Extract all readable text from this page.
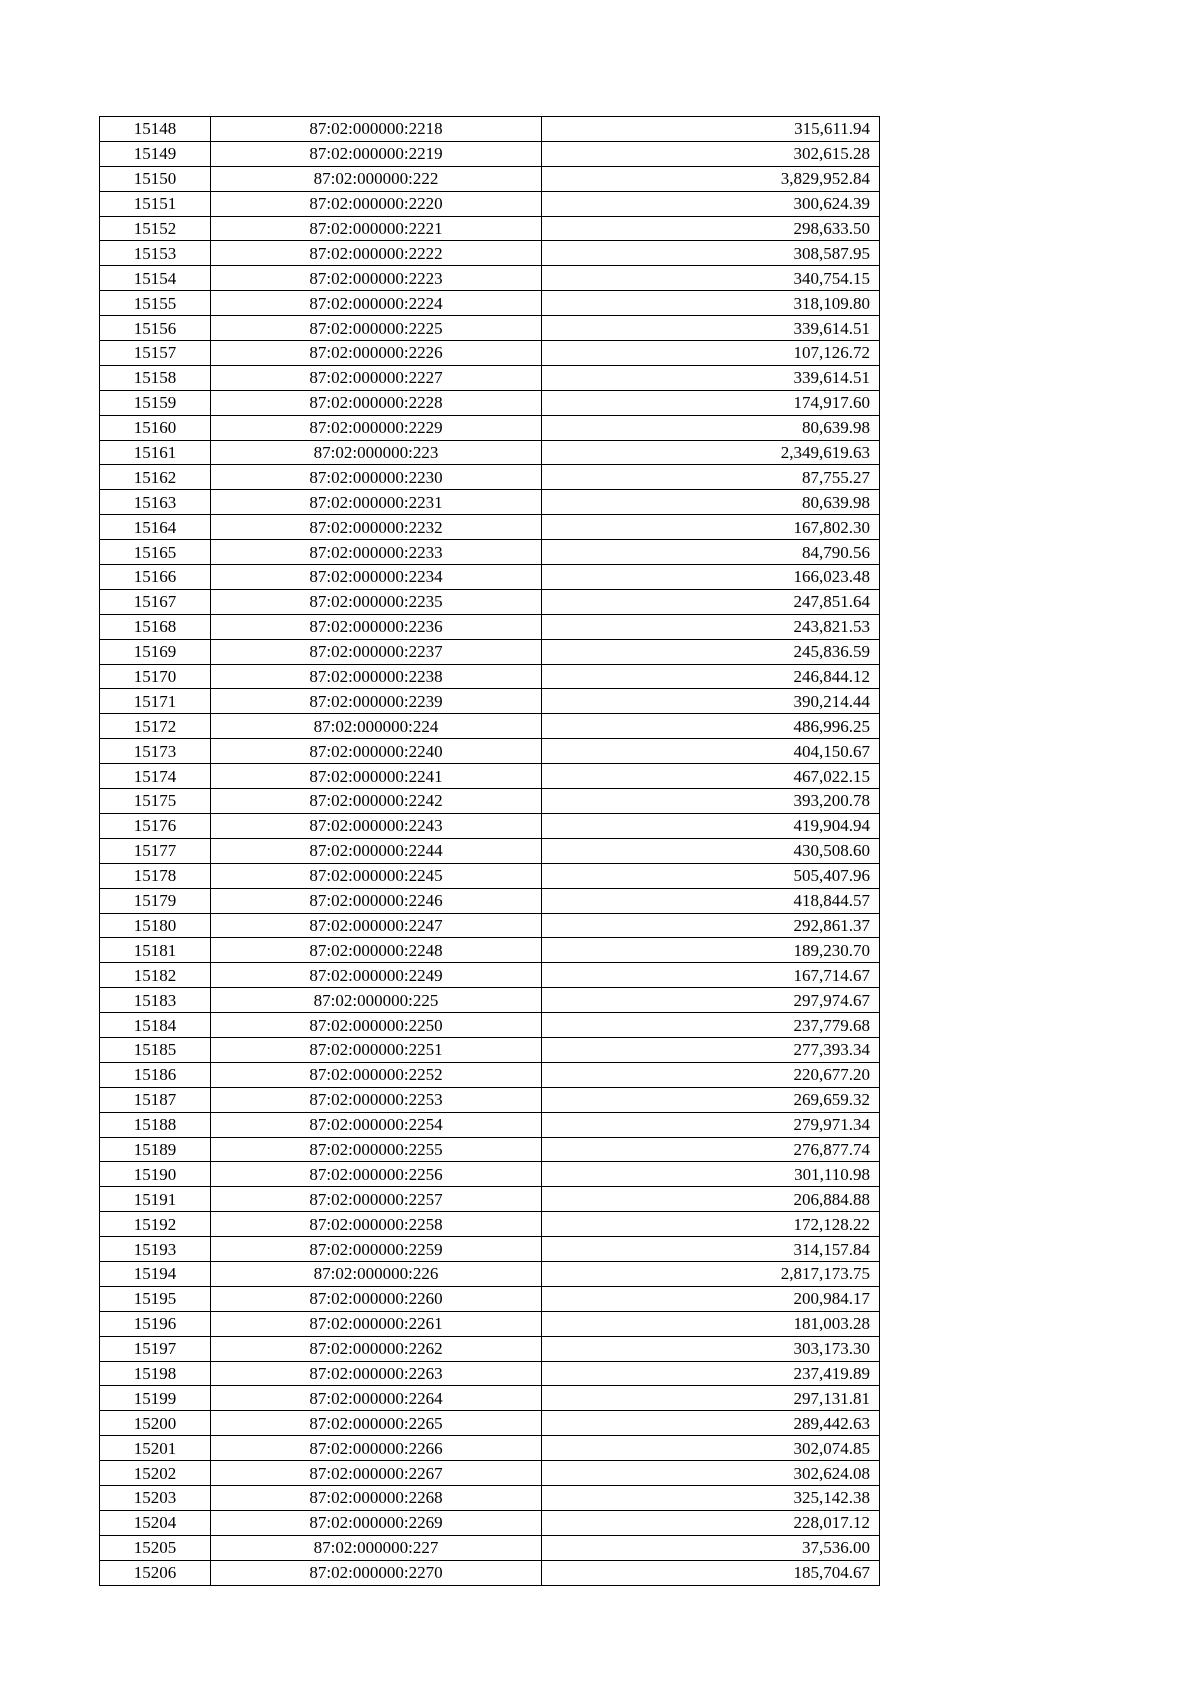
15148	87:02:000000:2218	315,611.94
15149	87:02:000000:2219	302,615.28
15150	87:02:000000:222	3,829,952.84
15151	87:02:000000:2220	300,624.39
15152	87:02:000000:2221	298,633.50
15153	87:02:000000:2222	308,587.95
15154	87:02:000000:2223	340,754.15
15155	87:02:000000:2224	318,109.80
15156	87:02:000000:2225	339,614.51
15157	87:02:000000:2226	107,126.72
15158	87:02:000000:2227	339,614.51
15159	87:02:000000:2228	174,917.60
15160	87:02:000000:2229	80,639.98
15161	87:02:000000:223	2,349,619.63
15162	87:02:000000:2230	87,755.27
15163	87:02:000000:2231	80,639.98
15164	87:02:000000:2232	167,802.30
15165	87:02:000000:2233	84,790.56
15166	87:02:000000:2234	166,023.48
15167	87:02:000000:2235	247,851.64
15168	87:02:000000:2236	243,821.53
15169	87:02:000000:2237	245,836.59
15170	87:02:000000:2238	246,844.12
15171	87:02:000000:2239	390,214.44
15172	87:02:000000:224	486,996.25
15173	87:02:000000:2240	404,150.67
15174	87:02:000000:2241	467,022.15
15175	87:02:000000:2242	393,200.78
15176	87:02:000000:2243	419,904.94
15177	87:02:000000:2244	430,508.60
15178	87:02:000000:2245	505,407.96
15179	87:02:000000:2246	418,844.57
15180	87:02:000000:2247	292,861.37
15181	87:02:000000:2248	189,230.70
15182	87:02:000000:2249	167,714.67
15183	87:02:000000:225	297,974.67
15184	87:02:000000:2250	237,779.68
15185	87:02:000000:2251	277,393.34
15186	87:02:000000:2252	220,677.20
15187	87:02:000000:2253	269,659.32
15188	87:02:000000:2254	279,971.34
15189	87:02:000000:2255	276,877.74
15190	87:02:000000:2256	301,110.98
15191	87:02:000000:2257	206,884.88
15192	87:02:000000:2258	172,128.22
15193	87:02:000000:2259	314,157.84
15194	87:02:000000:226	2,817,173.75
15195	87:02:000000:2260	200,984.17
15196	87:02:000000:2261	181,003.28
15197	87:02:000000:2262	303,173.30
15198	87:02:000000:2263	237,419.89
15199	87:02:000000:2264	297,131.81
15200	87:02:000000:2265	289,442.63
15201	87:02:000000:2266	302,074.85
15202	87:02:000000:2267	302,624.08
15203	87:02:000000:2268	325,142.38
15204	87:02:000000:2269	228,017.12
15205	87:02:000000:227	37,536.00
15206	87:02:000000:2270	185,704.67
